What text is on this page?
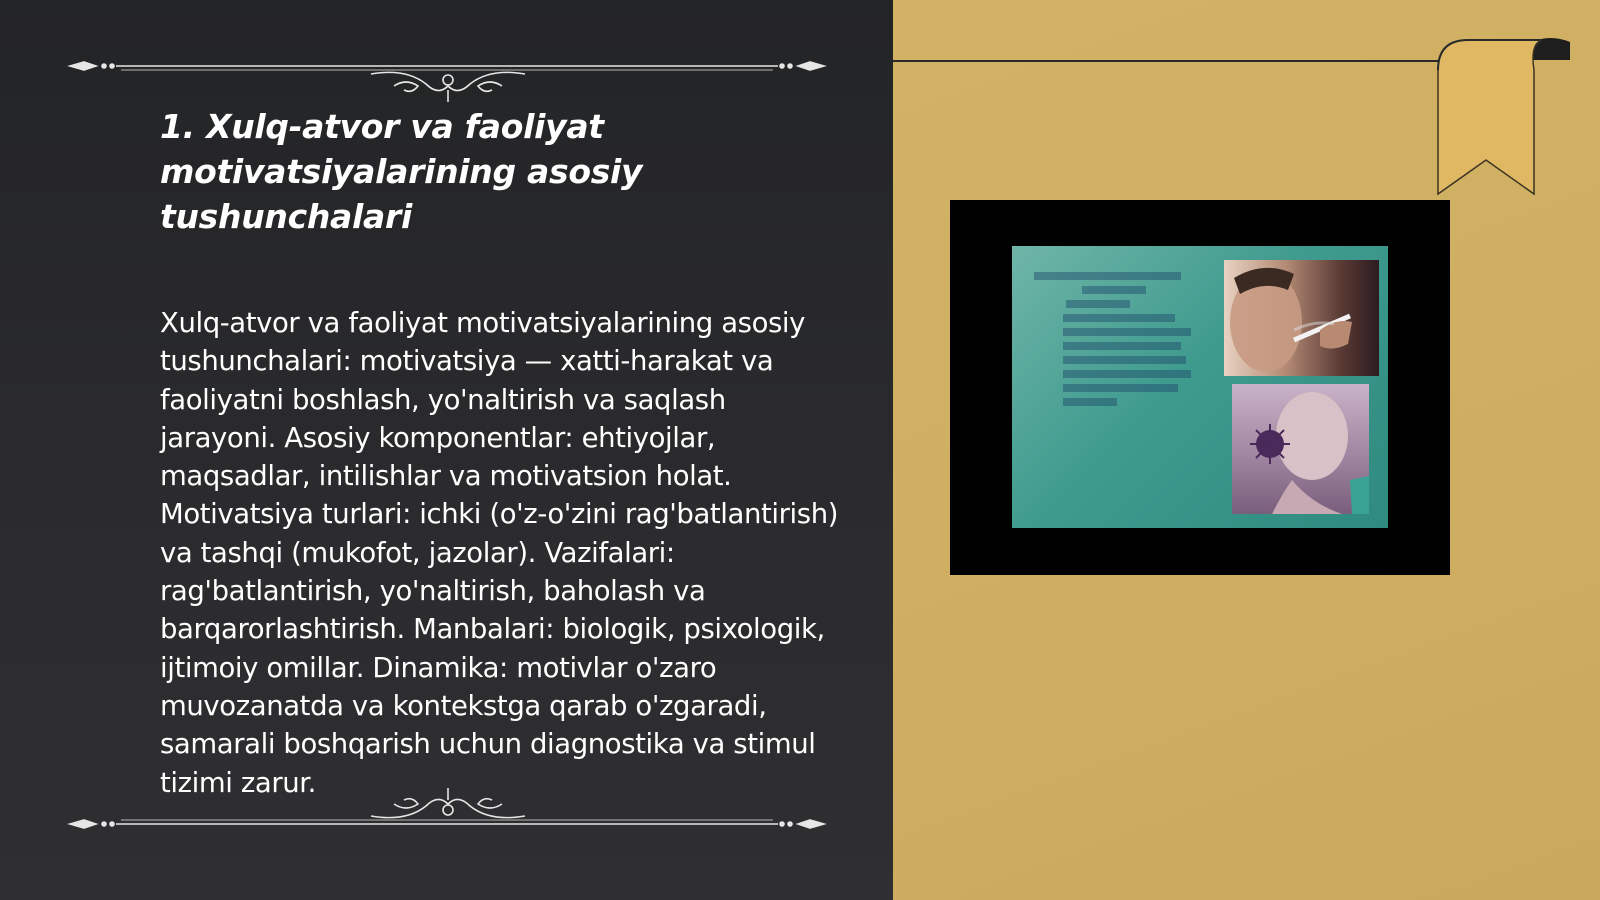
1. Xulq-atvor va faoliyat motivatsiyalarining asosiy tushunchalari

Xulq-atvor va faoliyat motivatsiyalarining asosiy tushunchalari: motivatsiya — xatti-harakat va faoliyatni boshlash, yo'naltirish va saqlash jarayoni. Asosiy komponentlar: ehtiyojlar, maqsadlar, intilishlar va motivatsion holat. Motivatsiya turlari: ichki (o'z-o'zini rag'batlantirish) va tashqi (mukofot, jazolar). Vazifalari: rag'batlantirish, yo'naltirish, baholash va barqarorlashtirish. Manbalari: biologik, psixologik, ijtimoiy omillar. Dinamika: motivlar o'zaro muvozanatda va kontekstga qarab o'zgaradi, samarali boshqarish uchun diagnostika va stimul tizimi zarur.
